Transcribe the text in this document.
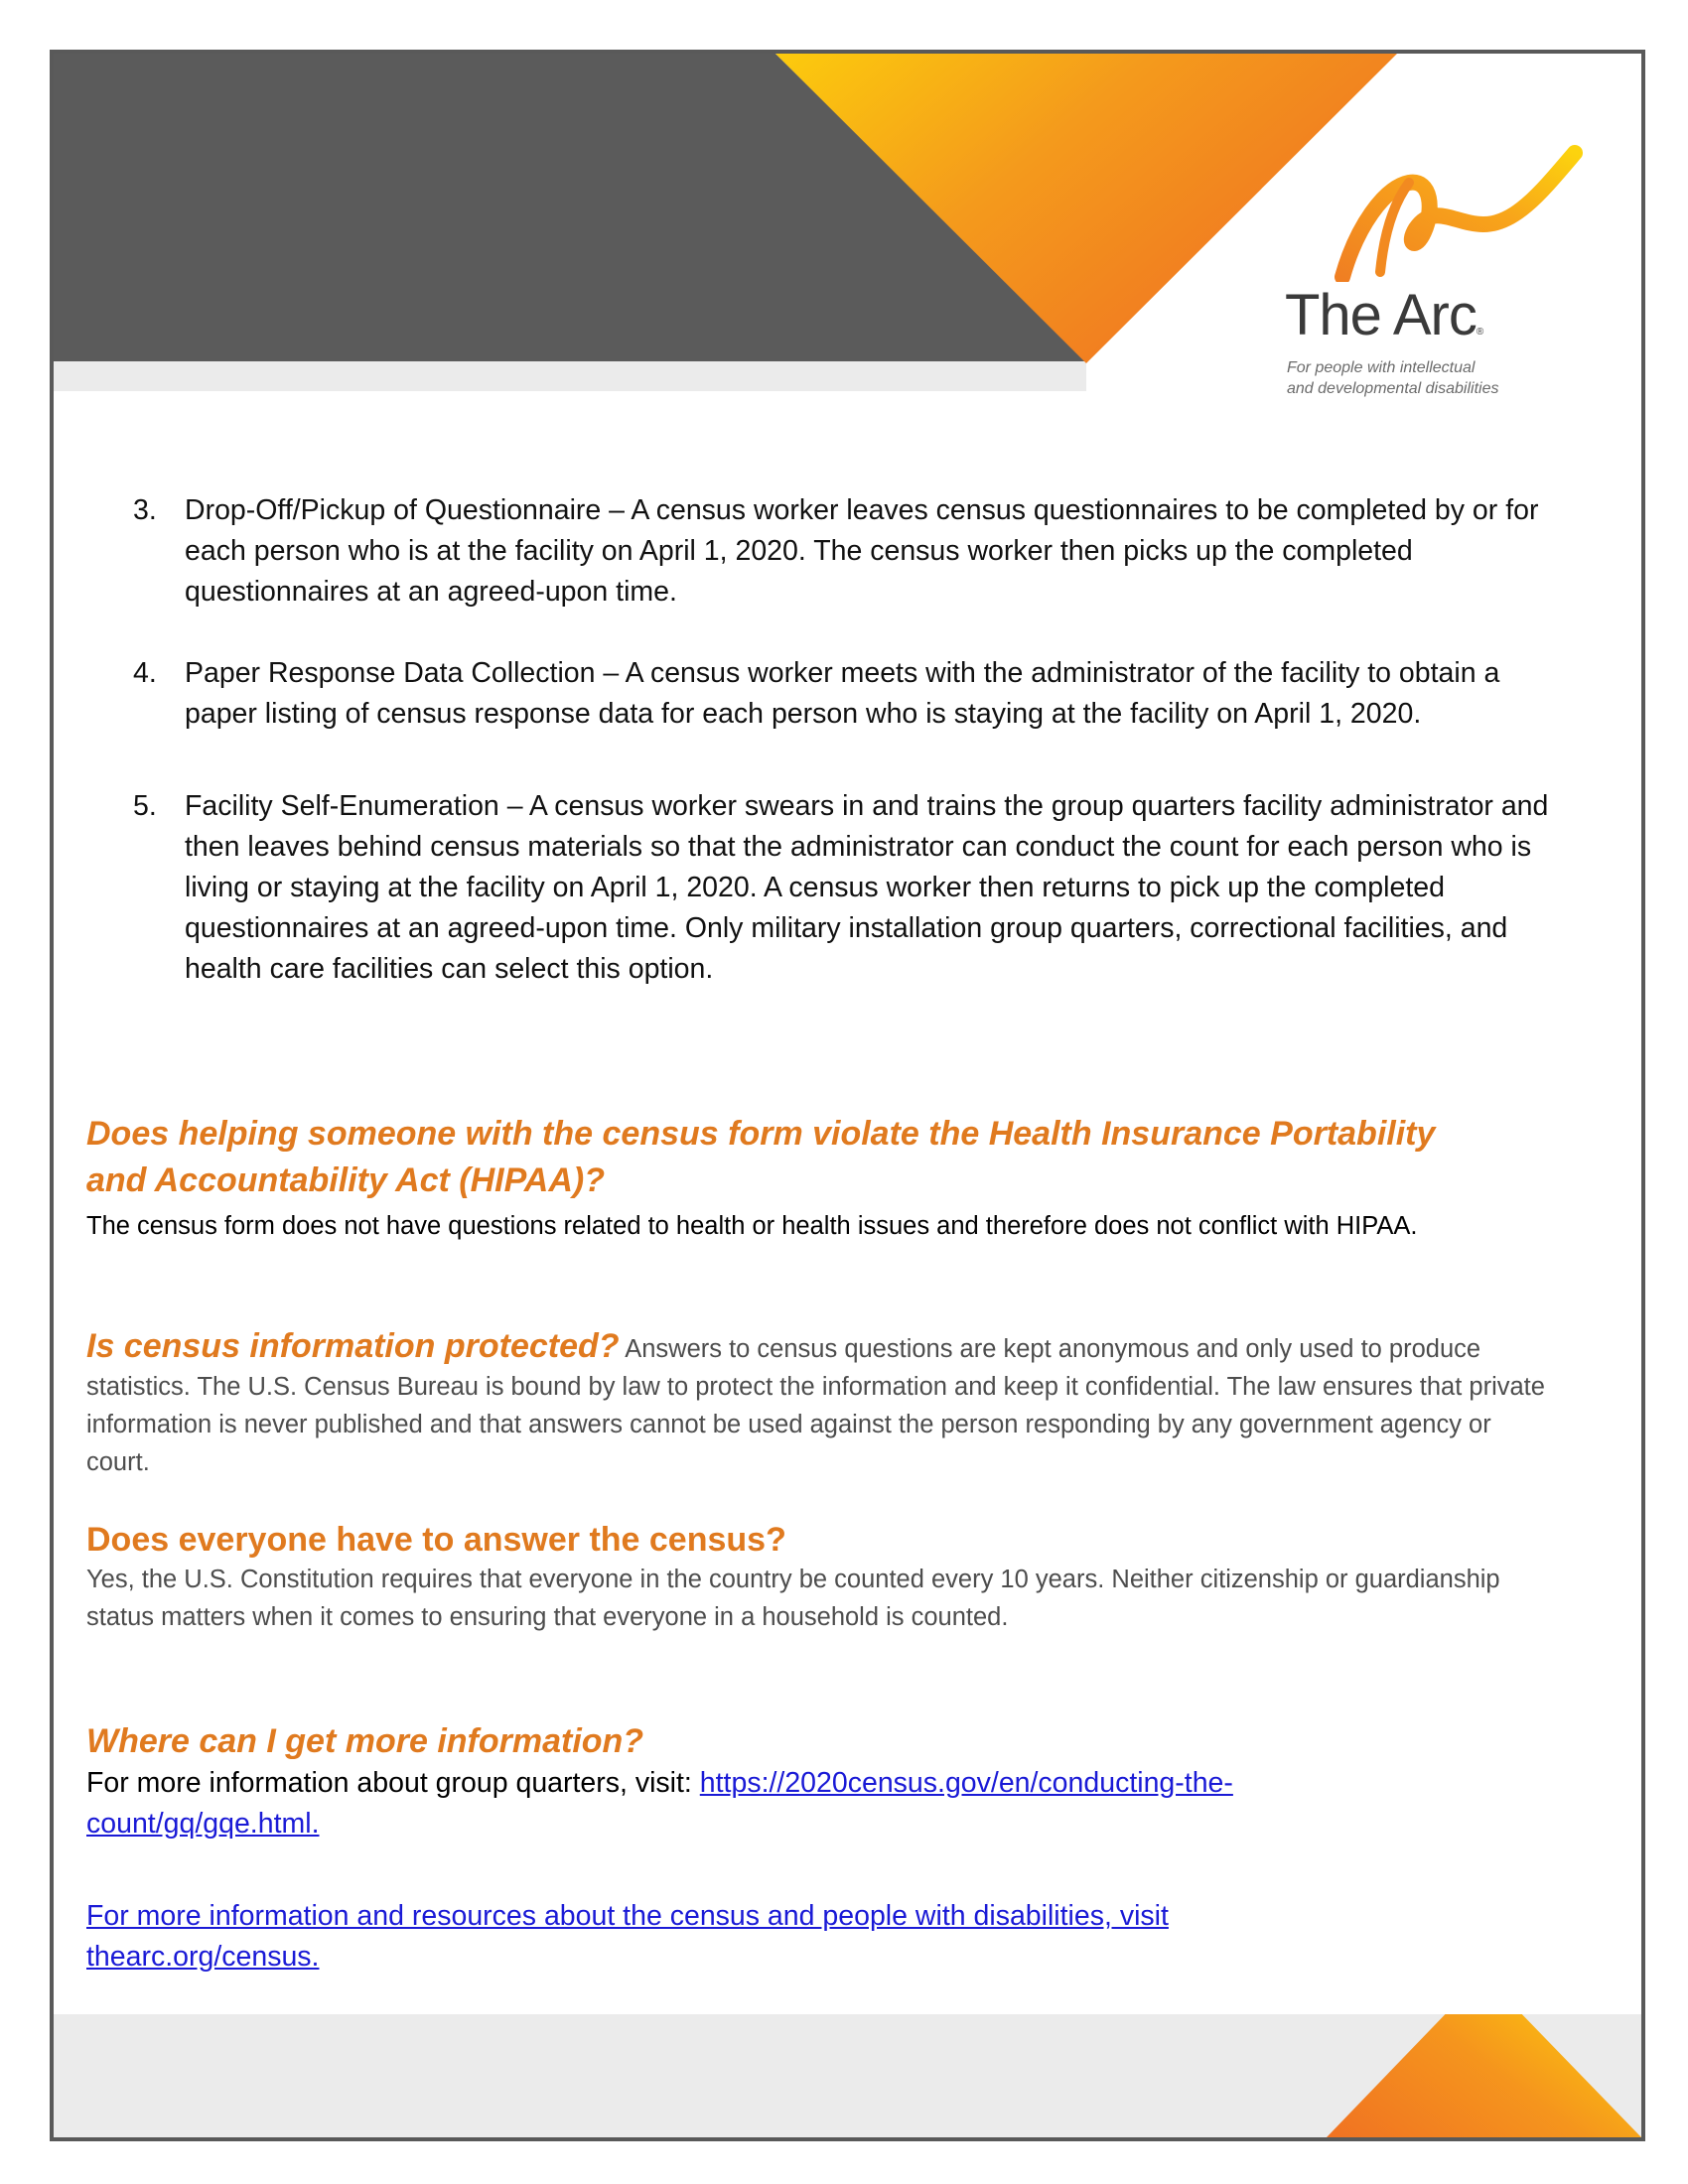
The Arc®
For people with intellectual
and developmental disabilities
3. Drop-Off/Pickup of Questionnaire – A census worker leaves census questionnaires to be completed by or for each person who is at the facility on April 1, 2020. The census worker then picks up the completed questionnaires at an agreed-upon time.
4. Paper Response Data Collection – A census worker meets with the administrator of the facility to obtain a paper listing of census response data for each person who is staying at the facility on April 1, 2020.
5. Facility Self-Enumeration – A census worker swears in and trains the group quarters facility administrator and then leaves behind census materials so that the administrator can conduct the count for each person who is living or staying at the facility on April 1, 2020. A census worker then returns to pick up the completed questionnaires at an agreed-upon time. Only military installation group quarters, correctional facilities, and health care facilities can select this option.
Does helping someone with the census form violate the Health Insurance Portability and Accountability Act (HIPAA)?
The census form does not have questions related to health or health issues and therefore does not conflict with HIPAA.
Is census information protected? Answers to census questions are kept anonymous and only used to produce statistics. The U.S. Census Bureau is bound by law to protect the information and keep it confidential. The law ensures that private information is never published and that answers cannot be used against the person responding by any government agency or court.
Does everyone have to answer the census?
Yes, the U.S. Constitution requires that everyone in the country be counted every 10 years. Neither citizenship or guardianship status matters when it comes to ensuring that everyone in a household is counted.
Where can I get more information?
For more information about group quarters, visit: https://2020census.gov/en/conducting-the-count/gq/gqe.html.
For more information and resources about the census and people with disabilities, visit thearc.org/census.
